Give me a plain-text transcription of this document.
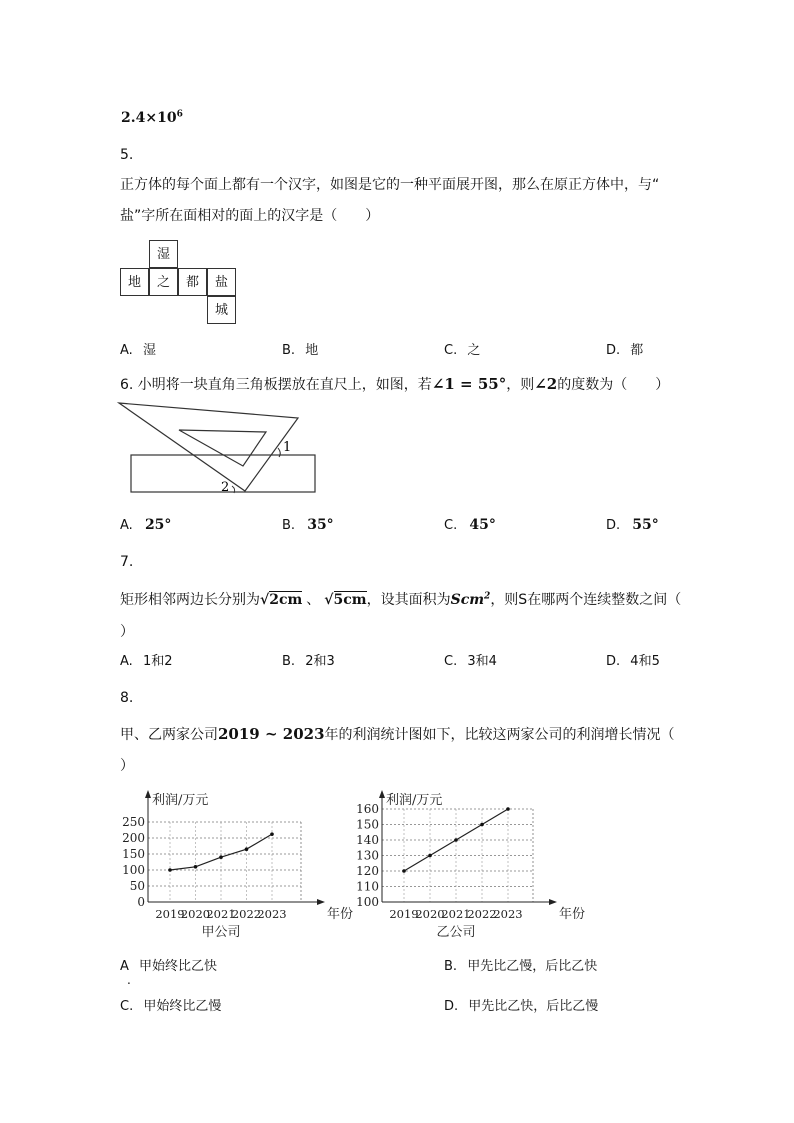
$2.4\times 10^6$
5.
正方体的每个面上都有一个汉字，如图是它的一种平面展开图，那么在原正方体中，与“
盐”字所在面相对的面上的汉字是（　　）
湿
地	之	都	盐
城
A. 湿	B. 地	C. 之	D. 都
6. 小明将一块直角三角板摆放在直尺上，如图，若∠1 = 55°，则∠2的度数为（　　）
1
2
A. 25°	B. 35°	C. 45°	D. 55°
7.
矩形相邻两边长分别为√2cm 、 √5cm，设其面积为Scm$^2$，则S在哪两个连续整数之间（
）
A. 1和2	B. 2和3	C. 3和4	D. 4和5
8.
甲、乙两家公司2019 ~ 2023年的利润统计图如下，比较这两家公司的利润增长情况（
）
0
50
100
150
200
250
利润/万元
年份
2019
2020
2021
2022
2023
甲公司
100
110
120
130
140
150
160
利润/万元
年份
2019
2020
2021
2022
2023
乙公司
A
.
甲始终比乙快	B. 甲先比乙慢，后比乙快
C. 甲始终比乙慢	D. 甲先比乙快，后比乙慢
